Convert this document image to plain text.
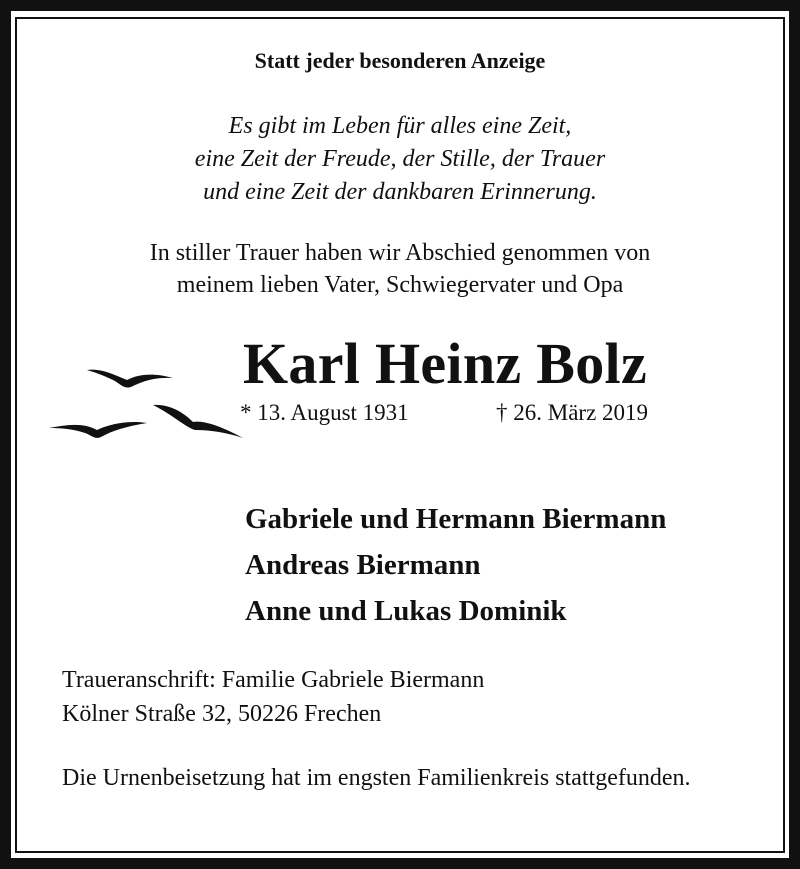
Statt jeder besonderen Anzeige
Es gibt im Leben für alles eine Zeit,
eine Zeit der Freude, der Stille, der Trauer
und eine Zeit der dankbaren Erinnerung.
In stiller Trauer haben wir Abschied genommen von
meinem lieben Vater, Schwiegervater und Opa
Karl Heinz Bolz
* 13. August 1931	† 26. März 2019
Gabriele und Hermann Biermann
Andreas Biermann
Anne und Lukas Dominik
Traueranschrift: Familie Gabriele Biermann
Kölner Straße 32, 50226 Frechen
Die Urnenbeisetzung hat im engsten Familienkreis stattgefunden.
